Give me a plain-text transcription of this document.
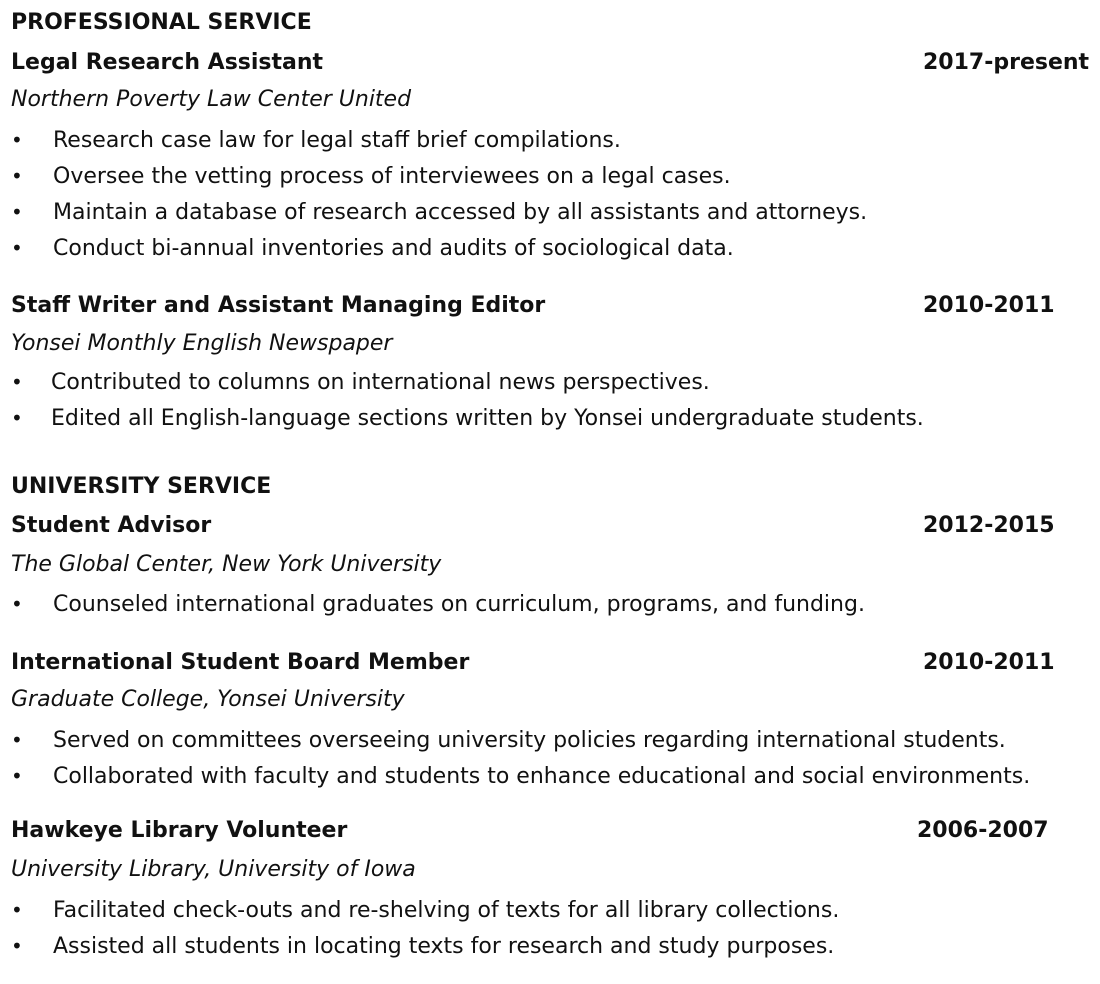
PROFESSIONAL SERVICE
Legal Research Assistant	2017-present
Northern Poverty Law Center United
• Research case law for legal staff brief compilations.
• Oversee the vetting process of interviewees on a legal cases.
• Maintain a database of research accessed by all assistants and attorneys.
• Conduct bi-annual inventories and audits of sociological data.
Staff Writer and Assistant Managing Editor	2010-2011
Yonsei Monthly English Newspaper
• Contributed to columns on international news perspectives.
• Edited all English-language sections written by Yonsei undergraduate students.
UNIVERSITY SERVICE
Student Advisor	2012-2015
The Global Center, New York University
• Counseled international graduates on curriculum, programs, and funding.
International Student Board Member	2010-2011
Graduate College, Yonsei University
• Served on committees overseeing university policies regarding international students.
• Collaborated with faculty and students to enhance educational and social environments.
Hawkeye Library Volunteer	2006-2007
University Library, University of Iowa
• Facilitated check-outs and re-shelving of texts for all library collections.
• Assisted all students in locating texts for research and study purposes.
